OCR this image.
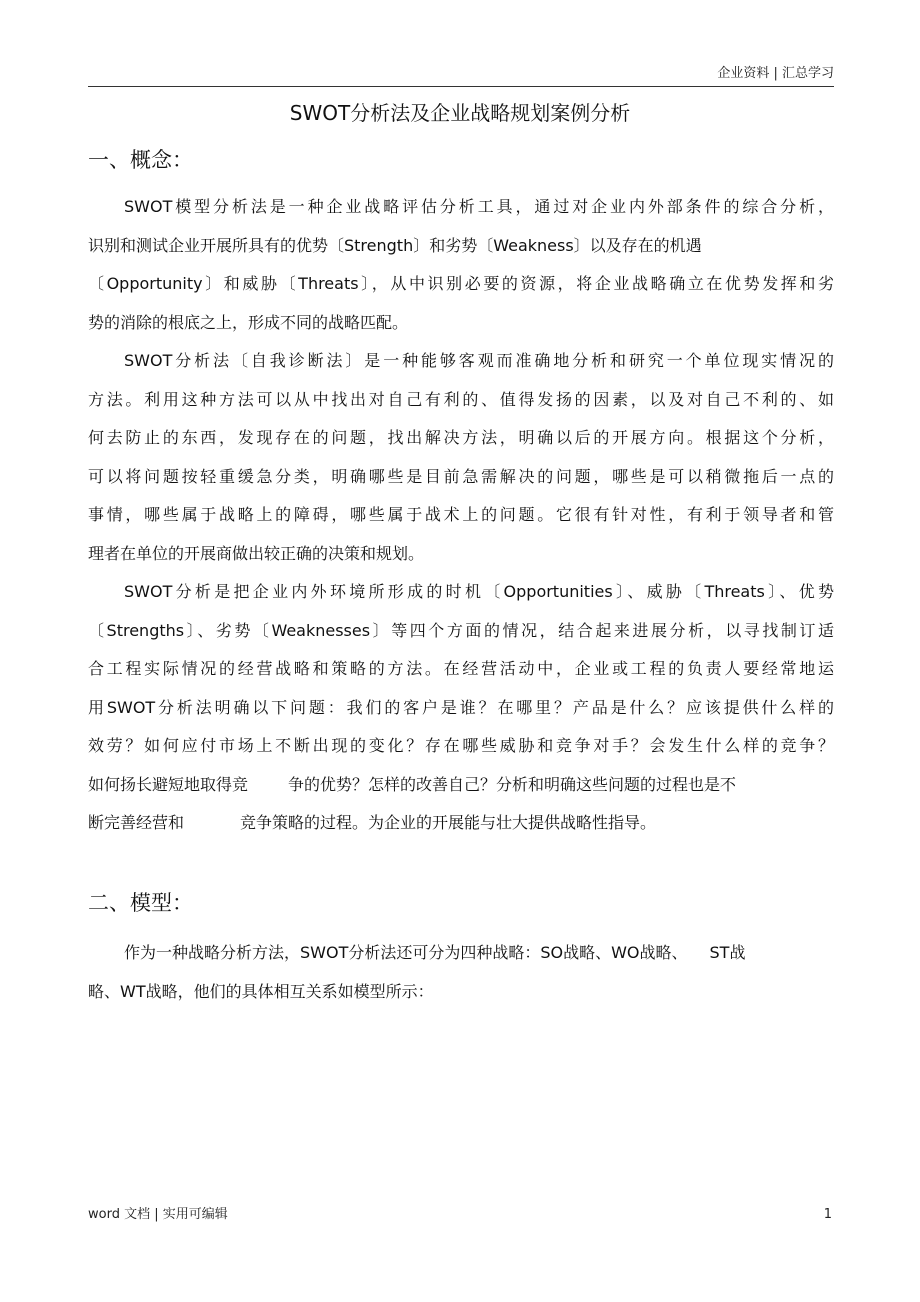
企业资料 | 汇总学习
SWOT分析法及企业战略规划案例分析
一、概念：
SWOT模型分析法是一种企业战略评估分析工具，通过对企业内外部条件的综合分析，
识别和测试企业开展所具有的优势〔Strength〕和劣势〔Weakness〕以及存在的机遇
〔Opportunity〕和威胁〔Threats〕，从中识别必要的资源，将企业战略确立在优势发挥和劣
势的消除的根底之上，形成不同的战略匹配。
SWOT分析法〔自我诊断法〕是一种能够客观而准确地分析和研究一个单位现实情况的
方法。利用这种方法可以从中找出对自己有利的、值得发扬的因素，以及对自己不利的、如
何去防止的东西，发现存在的问题，找出解决方法，明确以后的开展方向。根据这个分析，
可以将问题按轻重缓急分类，明确哪些是目前急需解决的问题，哪些是可以稍微拖后一点的
事情，哪些属于战略上的障碍，哪些属于战术上的问题。它很有针对性，有利于领导者和管
理者在单位的开展商做出较正确的决策和规划。
SWOT分析是把企业内外环境所形成的时机〔Opportunities〕、威胁〔Threats〕、优势
〔Strengths〕、劣势〔Weaknesses〕等四个方面的情况，结合起来进展分析，以寻找制订适
合工程实际情况的经营战略和策略的方法。在经营活动中，企业或工程的负责人要经常地运
用SWOT分析法明确以下问题：我们的客户是谁？在哪里？产品是什么？应该提供什么样的
效劳？如何应付市场上不断出现的变化？存在哪些威胁和竞争对手？会发生什么样的竞争？
如何扬长避短地取得竞	争的优势？怎样的改善自己？分析和明确这些问题的过程也是不
断完善经营和	竞争策略的过程。为企业的开展能与壮大提供战略性指导。
二、模型：
作为一种战略分析方法，SWOT分析法还可分为四种战略：SO战略、WO战略、 ST战
略、WT战略，他们的具体相互关系如模型所示：
word 文档 | 实用可编辑	1
